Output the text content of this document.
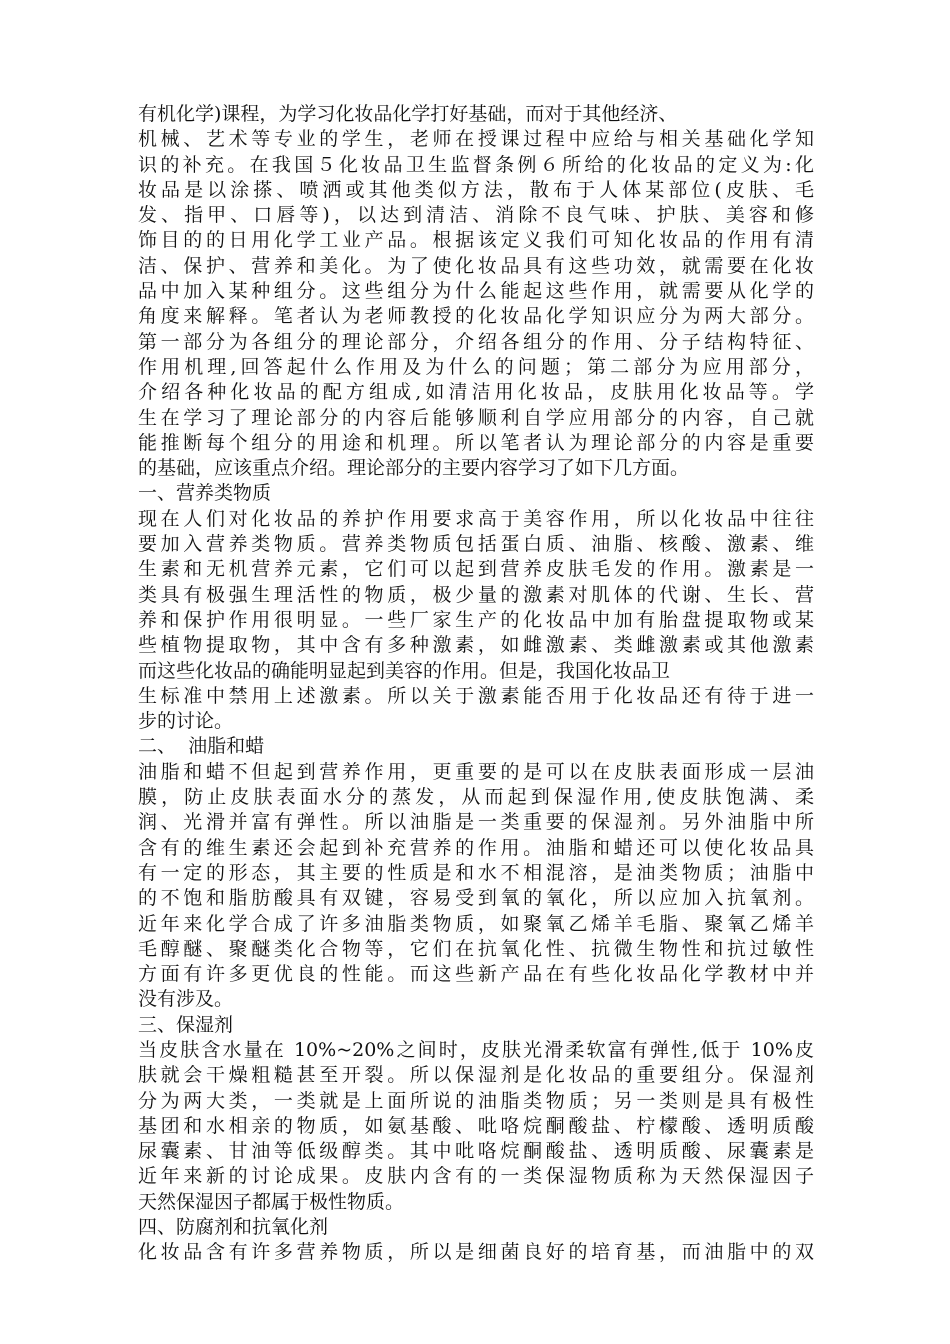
有机化学)课程，为学习化妆品化学打好基础，而对于其他经济、
机械、艺术等专业的学生，老师在授课过程中应给与相关基础化学知
识的补充。在我国５化妆品卫生监督条例６所给的化妆品的定义为:化
妆品是以涂搽、喷洒或其他类似方法，散布于人体某部位(皮肤、毛
发、指甲、口唇等)，以达到清洁、消除不良气味、护肤、美容和修
饰目的的日用化学工业产品。根据该定义我们可知化妆品的作用有清
洁、保护、营养和美化。为了使化妆品具有这些功效，就需要在化妆
品中加入某种组分。这些组分为什么能起这些作用，就需要从化学的
角度来解释。笔者认为老师教授的化妆品化学知识应分为两大部分。
第一部分为各组分的理论部分，介绍各组分的作用、分子结构特征、
作用机理,回答起什么作用及为什么的问题；第二部分为应用部分，
介绍各种化妆品的配方组成,如清洁用化妆品，皮肤用化妆品等。学
生在学习了理论部分的内容后能够顺利自学应用部分的内容，自己就
能推断每个组分的用途和机理。所以笔者认为理论部分的内容是重要
的基础，应该重点介绍。理论部分的主要内容学习了如下几方面。
一、营养类物质
现在人们对化妆品的养护作用要求高于美容作用，所以化妆品中往往
要加入营养类物质。营养类物质包括蛋白质、油脂、核酸、激素、维
生素和无机营养元素，它们可以起到营养皮肤毛发的作用。激素是一
类具有极强生理活性的物质，极少量的激素对肌体的代谢、生长、营
养和保护作用很明显。一些厂家生产的化妆品中加有胎盘提取物或某
些植物提取物，其中含有多种激素，如雌激素、类雌激素或其他激素
而这些化妆品的确能明显起到美容的作用。但是，我国化妆品卫
生标准中禁用上述激素。所以关于激素能否用于化妆品还有待于进一
步的讨论。
二、  油脂和蜡
油脂和蜡不但起到营养作用，更重要的是可以在皮肤表面形成一层油
膜，防止皮肤表面水分的蒸发，从而起到保湿作用,使皮肤饱满、柔
润、光滑并富有弹性。所以油脂是一类重要的保湿剂。另外油脂中所
含有的维生素还会起到补充营养的作用。油脂和蜡还可以使化妆品具
有一定的形态，其主要的性质是和水不相混溶，是油类物质；油脂中
的不饱和脂肪酸具有双键，容易受到氧的氧化，所以应加入抗氧剂。
近年来化学合成了许多油脂类物质，如聚氧乙烯羊毛脂、聚氧乙烯羊
毛醇醚、聚醚类化合物等，它们在抗氧化性、抗微生物性和抗过敏性
方面有许多更优良的性能。而这些新产品在有些化妆品化学教材中并
没有涉及。
三、保湿剂
当皮肤含水量在 10%~20%之间时，皮肤光滑柔软富有弹性,低于 10%皮
肤就会干燥粗糙甚至开裂。所以保湿剂是化妆品的重要组分。保湿剂
分为两大类，一类就是上面所说的油脂类物质；另一类则是具有极性
基团和水相亲的物质，如氨基酸、吡咯烷酮酸盐、柠檬酸、透明质酸
尿囊素、甘油等低级醇类。其中吡咯烷酮酸盐、透明质酸、尿囊素是
近年来新的讨论成果。皮肤内含有的一类保湿物质称为天然保湿因子
天然保湿因子都属于极性物质。
四、防腐剂和抗氧化剂
化妆品含有许多营养物质，所以是细菌良好的培育基，而油脂中的双
